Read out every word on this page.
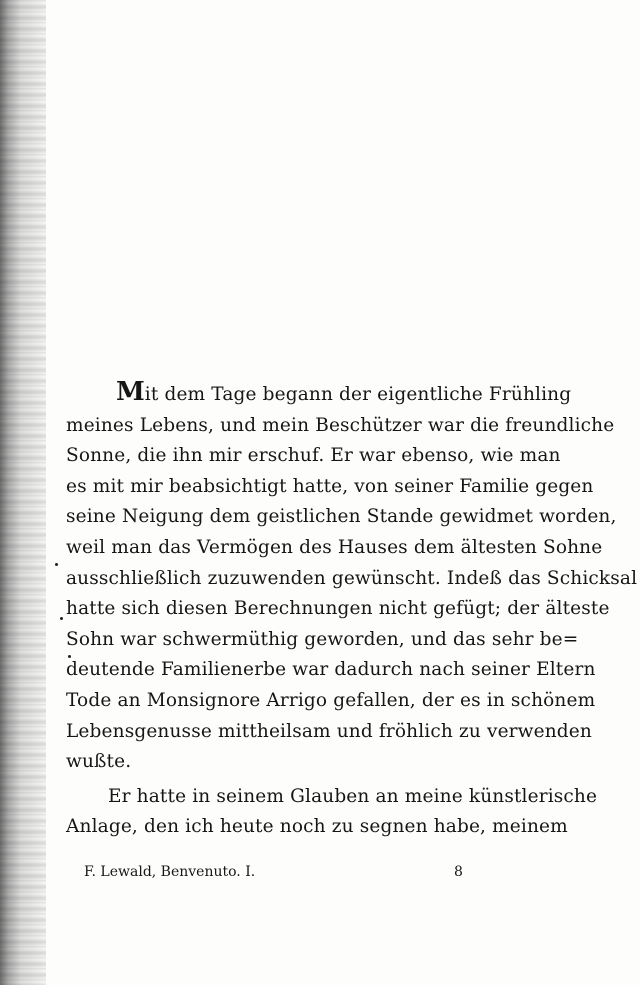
Mit dem Tage begann der eigentliche Frühling
meines Lebens, und mein Beschützer war die freundliche
Sonne, die ihn mir erschuf. Er war ebenso, wie man
es mit mir beabsichtigt hatte, von seiner Familie gegen
seine Neigung dem geistlichen Stande gewidmet worden,
weil man das Vermögen des Hauses dem ältesten Sohne
ausschließlich zuzuwenden gewünscht. Indeß das Schicksal
hatte sich diesen Berechnungen nicht gefügt; der älteste
Sohn war schwermüthig geworden, und das sehr be=
deutende Familienerbe war dadurch nach seiner Eltern
Tode an Monsignore Arrigo gefallen, der es in schönem
Lebensgenusse mittheilsam und fröhlich zu verwenden
wußte.
Er hatte in seinem Glauben an meine künstlerische
Anlage, den ich heute noch zu segnen habe, meinem
F. Lewald, Benvenuto. I.	8
